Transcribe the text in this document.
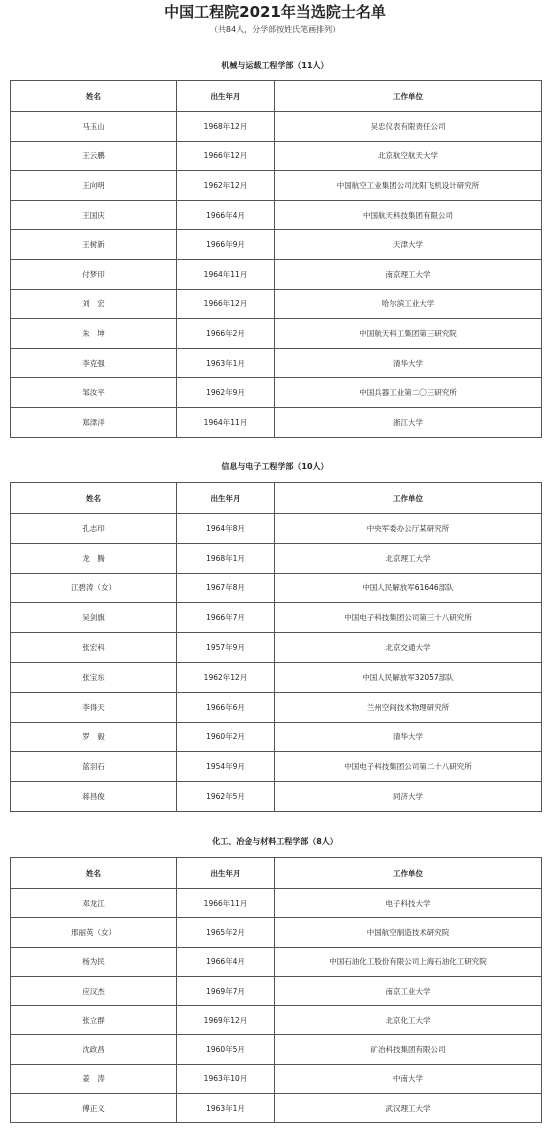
中国工程院2021年当选院士名单
（共84人，分学部按姓氏笔画排列）
机械与运载工程学部（11人）
姓名	出生年月	工作单位
马玉山	1968年12月	吴忠仪表有限责任公司
王云鹏	1966年12月	北京航空航天大学
王向明	1962年12月	中国航空工业集团公司沈阳飞机设计研究所
王国庆	1966年4月	中国航天科技集团有限公司
王树新	1966年9月	天津大学
付梦印	1964年11月	南京理工大学
刘　宏	1966年12月	哈尔滨工业大学
朱　坤	1966年2月	中国航天科工集团第三研究院
李克强	1963年1月	清华大学
邹汝平	1962年9月	中国兵器工业第二〇三研究所
郑津洋	1964年11月	浙江大学
信息与电子工程学部（10人）
姓名	出生年月	工作单位
孔志印	1964年8月	中央军委办公厅某研究所
龙　腾	1968年1月	北京理工大学
江碧涛（女）	1967年8月	中国人民解放军61646部队
吴剑旗	1966年7月	中国电子科技集团公司第三十八研究所
张宏科	1957年9月	北京交通大学
张宝东	1962年12月	中国人民解放军32057部队
李得天	1966年6月	兰州空间技术物理研究所
罗　毅	1960年2月	清华大学
蓝羽石	1954年9月	中国电子科技集团公司第二十八研究所
蒋昌俊	1962年5月	同济大学
化工、冶金与材料工程学部（8人）
姓名	出生年月	工作单位
邓龙江	1966年11月	电子科技大学
邢丽英（女）	1965年2月	中国航空制造技术研究院
杨为民	1966年4月	中国石油化工股份有限公司上海石油化工研究院
应汉杰	1969年7月	南京工业大学
张立群	1969年12月	北京化工大学
沈政昌	1960年5月	矿冶科技集团有限公司
姜　涛	1963年10月	中南大学
傅正义	1963年1月	武汉理工大学
